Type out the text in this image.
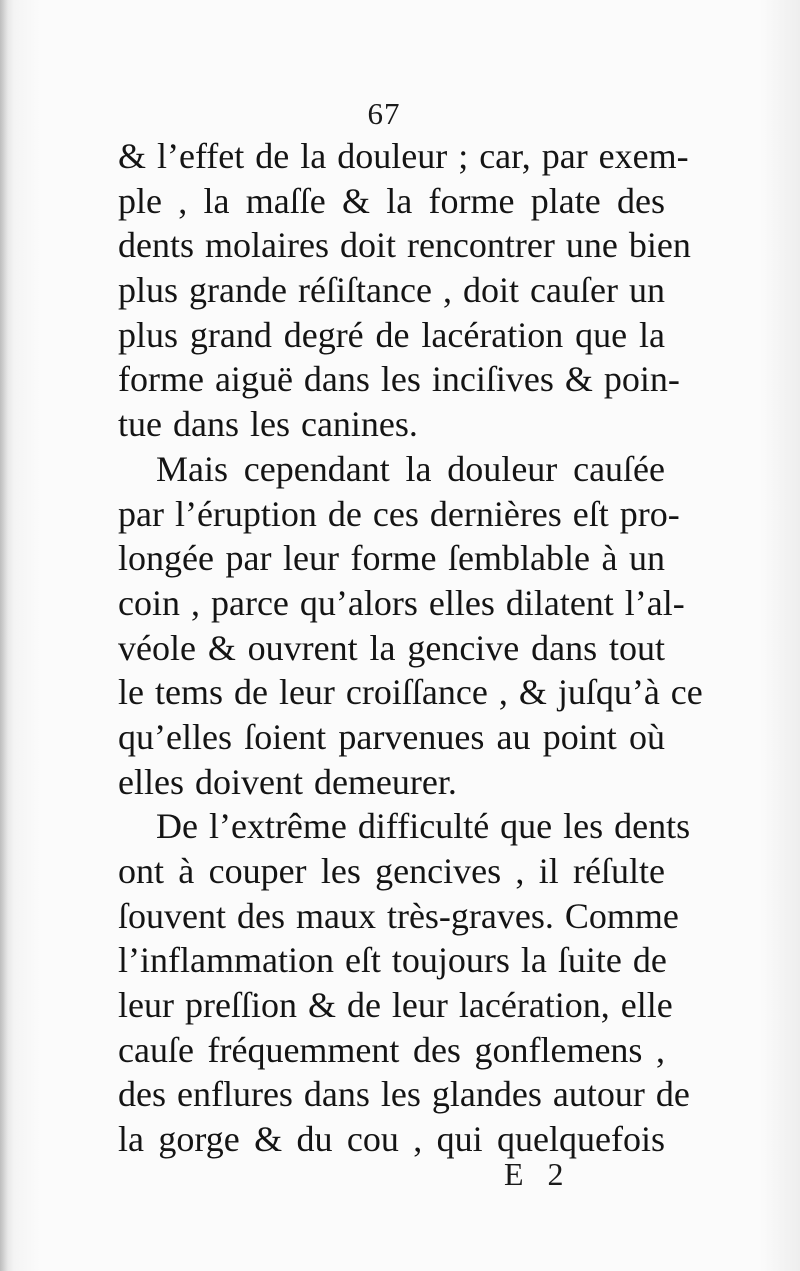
67
& l’effet de la douleur ; car, par exem-
ple , la maſſe & la forme plate des
dents molaires doit rencontrer une bien
plus grande réſiſtance , doit cauſer un
plus grand degré de lacération que la
forme aiguë dans les inciſives & poin-
tue dans les canines.
Mais cependant la douleur cauſée
par l’éruption de ces dernières eſt pro-
longée par leur forme ſemblable à un
coin , parce qu’alors elles dilatent l’al-
véole & ouvrent la gencive dans tout
le tems de leur croiſſance , & juſqu’à ce
qu’elles ſoient parvenues au point où
elles doivent demeurer.
De l’extrême difficulté que les dents
ont à couper les gencives , il réſulte
ſouvent des maux très-graves. Comme
l’inflammation eſt toujours la ſuite de
leur preſſion & de leur lacération, elle
cauſe fréquemment des gonflemens ,
des enflures dans les glandes autour de
la gorge & du cou , qui quelquefois
E 2
